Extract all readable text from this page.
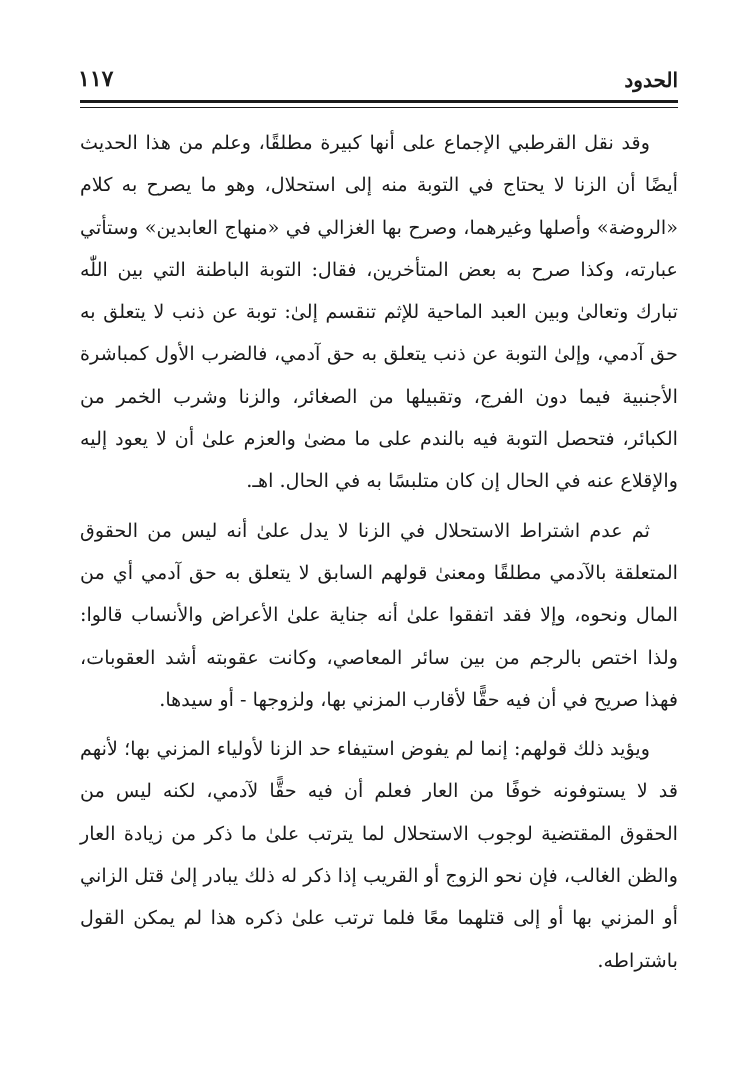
الحدود
١١٧

وقد نقل القرطبي الإجماع على أنها كبيرة مطلقًا، وعلم من هذا الحديث أيضًا أن الزنا لا يحتاج في التوبة منه إلى استحلال، وهو ما يصرح به كلام «الروضة» وأصلها وغيرهما، وصرح بها الغزالي في «منهاج العابدين» وستأتي عبارته، وكذا صرح به بعض المتأخرين، فقال: التوبة الباطنة التي بين اللّٰه تبارك وتعالىٰ وبين العبد الماحية للإثم تنقسم إلىٰ: توبة عن ذنب لا يتعلق به حق آدمي، وإلىٰ التوبة عن ذنب يتعلق به حق آدمي، فالضرب الأول كمباشرة الأجنبية فيما دون الفرج، وتقبيلها من الصغائر، والزنا وشرب الخمر من الكبائر، فتحصل التوبة فيه بالندم على ما مضىٰ والعزم علىٰ أن لا يعود إليه والإقلاع عنه في الحال إن كان متلبسًا به في الحال. اهـ.

ثم عدم اشتراط الاستحلال في الزنا لا يدل علىٰ أنه ليس من الحقوق المتعلقة بالآدمي مطلقًا ومعنىٰ قولهم السابق لا يتعلق به حق آدمي أي من المال ونحوه، وإلا فقد اتفقوا علىٰ أنه جناية علىٰ الأعراض والأنساب قالوا: ولذا اختص بالرجم من بين سائر المعاصي، وكانت عقوبته أشد العقوبات، فهذا صريح في أن فيه حقًّا لأقارب المزني بها، ولزوجها - أو سيدها.

ويؤيد ذلك قولهم: إنما لم يفوض استيفاء حد الزنا لأولياء المزني بها؛ لأنهم قد لا يستوفونه خوفًا من العار فعلم أن فيه حقًّا لآدمي، لكنه ليس من الحقوق المقتضية لوجوب الاستحلال لما يترتب علىٰ ما ذكر من زيادة العار والظن الغالب، فإن نحو الزوج أو القريب إذا ذكر له ذلك يبادر إلىٰ قتل الزاني أو المزني بها أو إلى قتلهما معًا فلما ترتب علىٰ ذكره هذا لم يمكن القول باشتراطه.
